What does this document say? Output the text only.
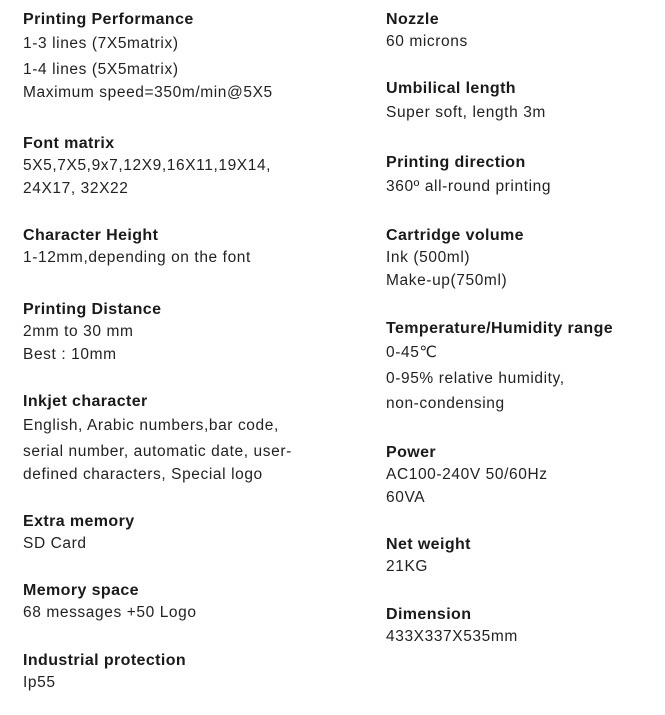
Printing Performance
1-3 lines (7X5matrix)
1-4 lines (5X5matrix)
Maximum speed=350m/min@5X5
Font matrix
5X5,7X5,9x7,12X9,16X11,19X14,
24X17, 32X22
Character Height
1-12mm,depending on the font
Printing Distance
2mm to 30 mm
Best : 10mm
Inkjet character
English, Arabic numbers,bar code,
serial number, automatic date, user-
defined characters, Special logo
Extra memory
SD Card
Memory space
68 messages +50 Logo
Industrial protection
Ip55
Nozzle
60 microns
Umbilical length
Super soft, length 3m
Printing direction
360º all-round printing
Cartridge volume
Ink (500ml)
Make-up(750ml)
Temperature/Humidity range
0-45℃
0-95% relative humidity,
non-condensing
Power
AC100-240V 50/60Hz
60VA
Net weight
21KG
Dimension
433X337X535mm
